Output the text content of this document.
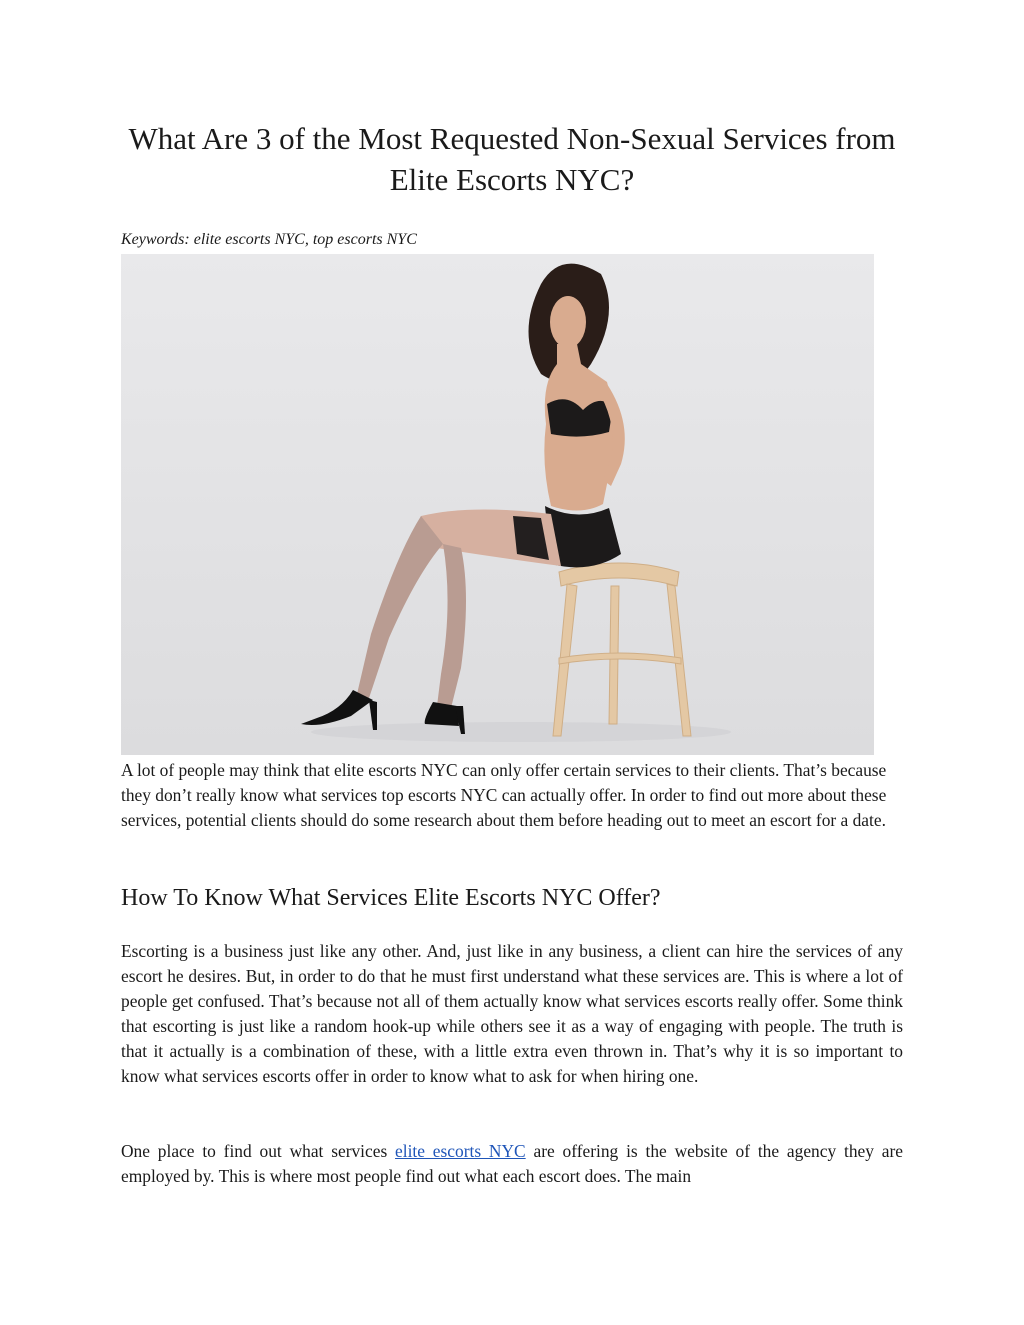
What Are 3 of the Most Requested Non-Sexual Services from Elite Escorts NYC?

Keywords: elite escorts NYC, top escorts NYC

A lot of people may think that elite escorts NYC can only offer certain services to their clients. That’s because they don’t really know what services top escorts NYC can actually offer. In order to find out more about these services, potential clients should do some research about them before heading out to meet an escort for a date.

How To Know What Services Elite Escorts NYC Offer?

Escorting is a business just like any other. And, just like in any business, a client can hire the services of any escort he desires. But, in order to do that he must first understand what these services are. This is where a lot of people get confused. That’s because not all of them actually know what services escorts really offer. Some think that escorting is just like a random hook-up while others see it as a way of engaging with people. The truth is that it actually is a combination of these, with a little extra even thrown in. That’s why it is so important to know what services escorts offer in order to know what to ask for when hiring one.

One place to find out what services elite escorts NYC are offering is the website of the agency they are employed by. This is where most people find out what each escort does. The main
